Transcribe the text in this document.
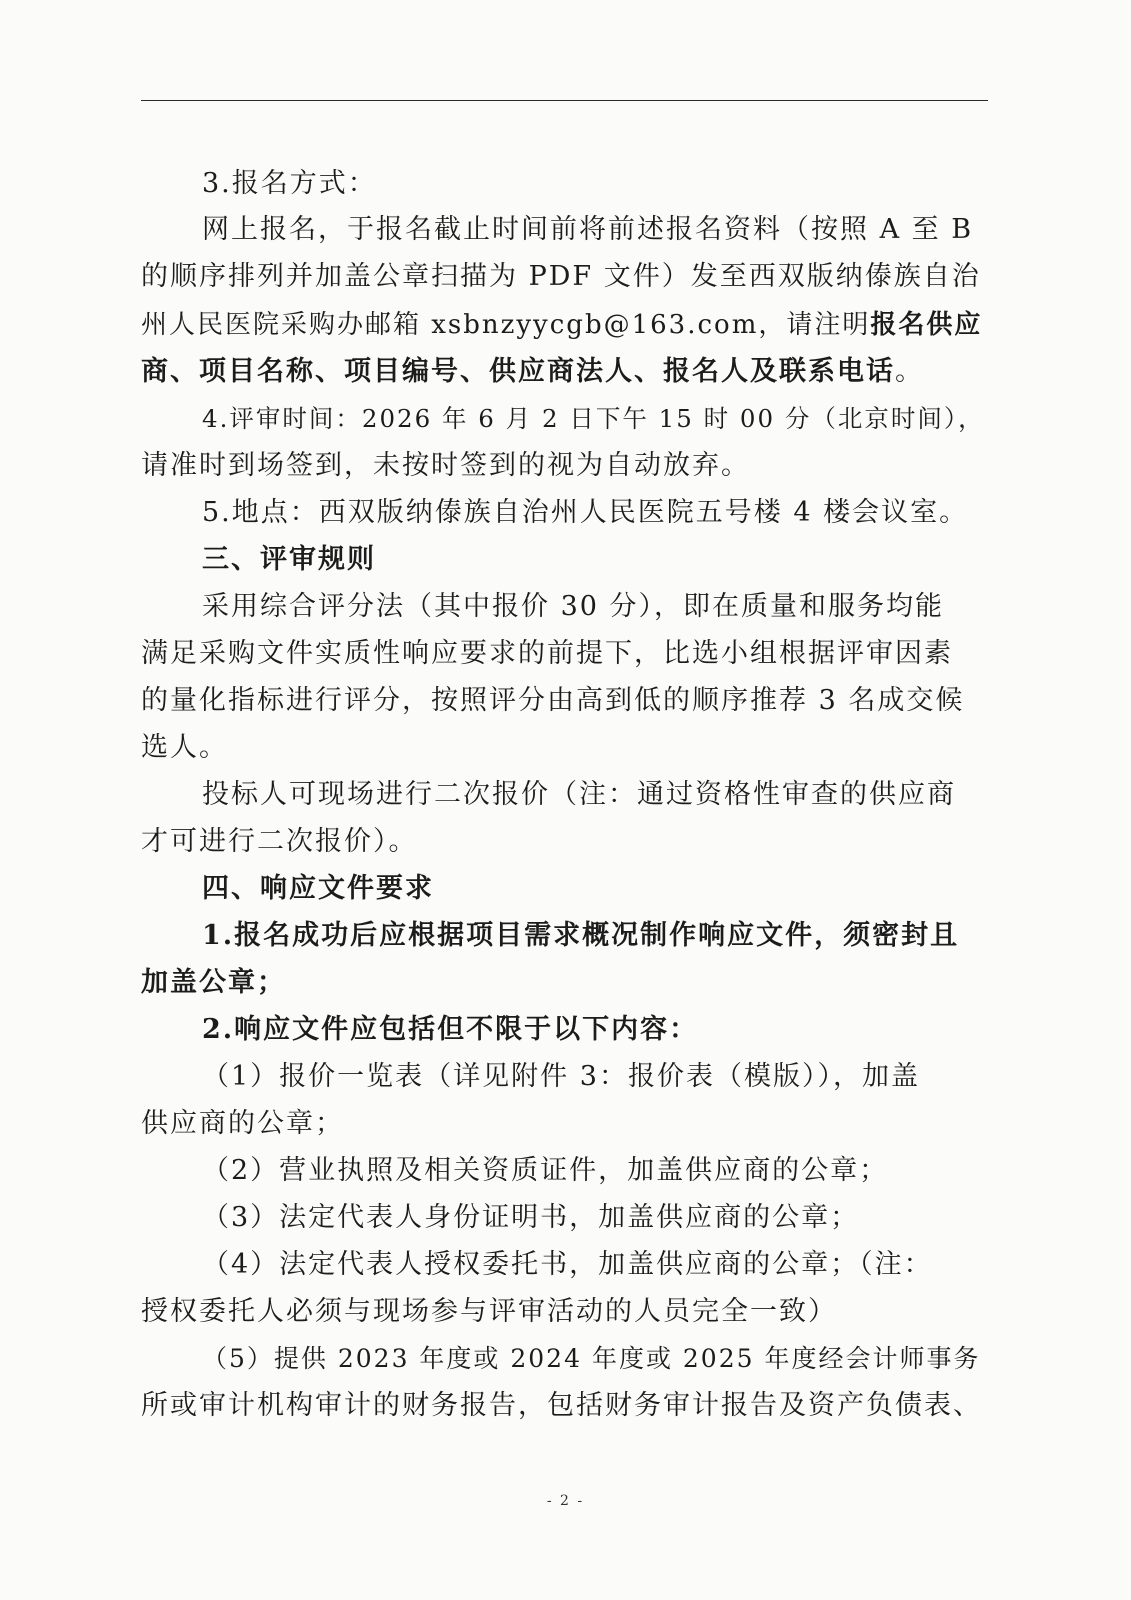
3.报名方式：

网上报名，于报名截止时间前将前述报名资料（按照 A 至 B

的顺序排列并加盖公章扫描为 PDF 文件）发至西双版纳傣族自治

州人民医院采购办邮箱 xsbnzyycgb@163.com，请注明报名供应

商、项目名称、项目编号、供应商法人、报名人及联系电话。

4.评审时间：2026 年 6 月 2 日下午 15 时 00 分（北京时间），

请准时到场签到，未按时签到的视为自动放弃。

5.地点：西双版纳傣族自治州人民医院五号楼 4 楼会议室。

三、评审规则

采用综合评分法（其中报价 30 分），即在质量和服务均能

满足采购文件实质性响应要求的前提下，比选小组根据评审因素

的量化指标进行评分，按照评分由高到低的顺序推荐 3 名成交候

选人。

投标人可现场进行二次报价（注：通过资格性审查的供应商

才可进行二次报价）。

四、响应文件要求

1.报名成功后应根据项目需求概况制作响应文件，须密封且

加盖公章；

2.响应文件应包括但不限于以下内容：

（1）报价一览表（详见附件 3：报价表（模版）），加盖

供应商的公章；

（2）营业执照及相关资质证件，加盖供应商的公章；

（3）法定代表人身份证明书，加盖供应商的公章；

（4）法定代表人授权委托书，加盖供应商的公章；（注：

授权委托人必须与现场参与评审活动的人员完全一致）

（5）提供 2023 年度或 2024 年度或 2025 年度经会计师事务

所或审计机构审计的财务报告，包括财务审计报告及资产负债表、

- 2 -
